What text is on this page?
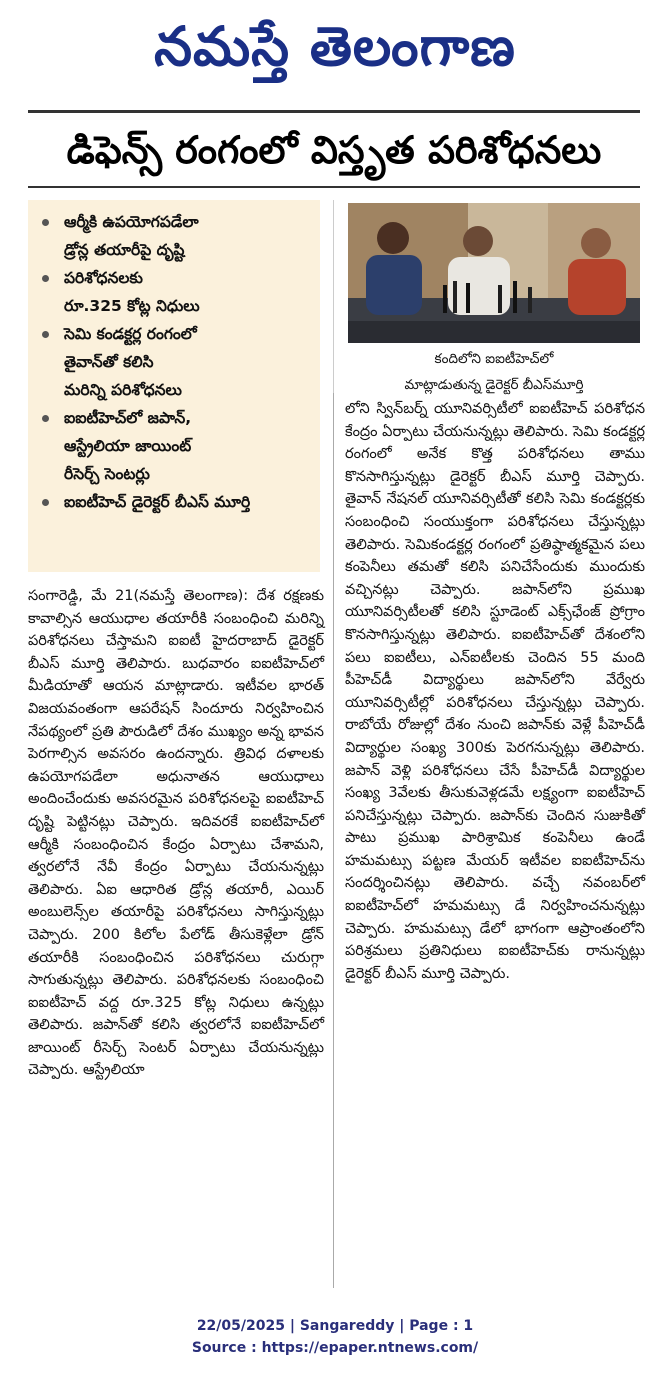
నమస్తే తెలంగాణ
డిఫెన్స్ రంగంలో విస్తృత పరిశోధనలు
ఆర్మీకి ఉపయోగపడేలా
డ్రోన్ల తయారీపై దృష్టి
పరిశోధనలకు
రూ.325 కోట్ల నిధులు
సెమి కండక్టర్ల రంగంలో
తైవాన్‌తో కలిసి
మరిన్ని పరిశోధనలు
ఐఐటీహెచ్‌లో జపాన్,
ఆస్ట్రేలియా జాయింట్
రీసెర్చ్ సెంటర్లు
ఐఐటీహెచ్ డైరెక్టర్ బీఎస్ మూర్తి
కందిలోని ఐఐటీహెచ్‌లో
మాట్లాడుతున్న డైరెక్టర్ బీఎస్‌మూర్తి
సంగారెడ్డి, మే 21(నమస్తే తెలంగాణ): దేశ రక్షణకు కావాల్సిన ఆయుధాల తయారీకి సంబంధించి మరిన్ని పరిశోధనలు చేస్తామని ఐఐటీ హైదరాబాద్ డైరెక్టర్ బీఎస్ మూర్తి తెలిపారు. బుధవారం ఐఐటీహెచ్‌లో మీడియాతో ఆయన మాట్లాడారు. ఇటీవల భారత్ విజయవంతంగా ఆపరేషన్ సిందూరు నిర్వహించిన నేపథ్యంలో ప్రతి పౌరుడిలో దేశం ముఖ్యం అన్న భావన పెరగాల్సిన అవసరం ఉందన్నారు. త్రివిధ దళాలకు ఉపయోగపడేలా అధునాతన ఆయుధాలు అందించేందుకు అవసరమైన పరిశోధనలపై ఐఐటీహెచ్ దృష్టి పెట్టినట్లు చెప్పారు. ఇదివరకే ఐఐటీహెచ్‌లో ఆర్మీకి సంబంధించిన కేంద్రం ఏర్పాటు చేశామని, త్వరలోనే నేవీ కేంద్రం ఏర్పాటు చేయనున్నట్లు తెలిపారు. ఏఐ ఆధారిత డ్రోన్ల తయారీ, ఎయిర్ అంబులెన్స్‌ల తయారీపై పరిశోధనలు సాగిస్తున్నట్లు చెప్పారు. 200 కిలోల పేలోడ్ తీసుకెళ్లేలా డ్రోన్ తయారీకి సంబంధించిన పరిశోధనలు చురుగ్గా సాగుతున్నట్లు తెలిపారు. పరిశోధనలకు సంబంధించి ఐఐటీహెచ్ వద్ద రూ.325 కోట్ల నిధులు ఉన్నట్లు తెలిపారు. జపాన్‌తో కలిసి త్వరలోనే ఐఐటీహెచ్‌లో జాయింట్ రీసెర్చ్ సెంటర్ ఏర్పాటు చేయనున్నట్లు చెప్పారు. ఆస్ట్రేలియా
లోని స్విన్‌బర్న్ యూనివర్సిటీలో ఐఐటీహెచ్ పరిశోధన కేంద్రం ఏర్పాటు చేయనున్నట్లు తెలిపారు. సెమి కండక్టర్ల రంగంలో అనేక కొత్త పరిశోధనలు తాము కొనసాగిస్తున్నట్లు డైరెక్టర్ బీఎస్ మూర్తి చెప్పారు. తైవాన్ నేషనల్ యూనివర్సిటీతో కలిసి సెమి కండక్టర్లకు సంబంధించి సంయుక్తంగా పరిశోధనలు చేస్తున్నట్లు తెలిపారు. సెమికండక్టర్ల రంగంలో ప్రతిష్ఠాత్మకమైన పలు కంపెనీలు తమతో కలిసి పనిచేసేందుకు ముందుకు వచ్చినట్లు చెప్పారు. జపాన్‌లోని ప్రముఖ యూనివర్సిటీలతో కలిసి స్టూడెంట్ ఎక్స్‌ఛేంజ్ ప్రోగ్రాం కొనసాగిస్తున్నట్లు తెలిపారు. ఐఐటీహెచ్‌తో దేశంలోని పలు ఐఐటీలు, ఎన్ఐటీలకు చెందిన 55 మంది పీహెచ్‌డీ విద్యార్థులు జపాన్‌లోని వేర్వేరు యూనివర్సిటీల్లో పరిశోధనలు చేస్తున్నట్లు చెప్పారు. రాబోయే రోజుల్లో దేశం నుంచి జపాన్‌కు వెళ్లే పీహెచ్‌డీ విద్యార్థుల సంఖ్య 300కు పెరగనున్నట్లు తెలిపారు. జపాన్ వెళ్లి పరిశోధనలు చేసే పీహెచ్‌డీ విద్యార్థుల సంఖ్య 3వేలకు తీసుకువెళ్లడమే లక్ష్యంగా ఐఐటీహెచ్ పనిచేస్తున్నట్లు చెప్పారు. జపాన్‌కు చెందిన సుజుకితో పాటు ప్రముఖ పారిశ్రామిక కంపెనీలు ఉండే హమమట్సు పట్టణ మేయర్ ఇటీవల ఐఐటీహెచ్‌ను సందర్శించినట్లు తెలిపారు. వచ్చే నవంబర్‌లో ఐఐటీహెచ్‌లో హమమట్సు డే నిర్వహించనున్నట్లు చెప్పారు. హమమట్సు డేలో భాగంగా ఆప్రాంతంలోని పరిశ్రమలు ప్రతినిధులు ఐఐటీహెచ్‌కు రానున్నట్లు డైరెక్టర్ బీఎస్ మూర్తి చెప్పారు.
22/05/2025 | Sangareddy | Page : 1
Source : https://epaper.ntnews.com/
